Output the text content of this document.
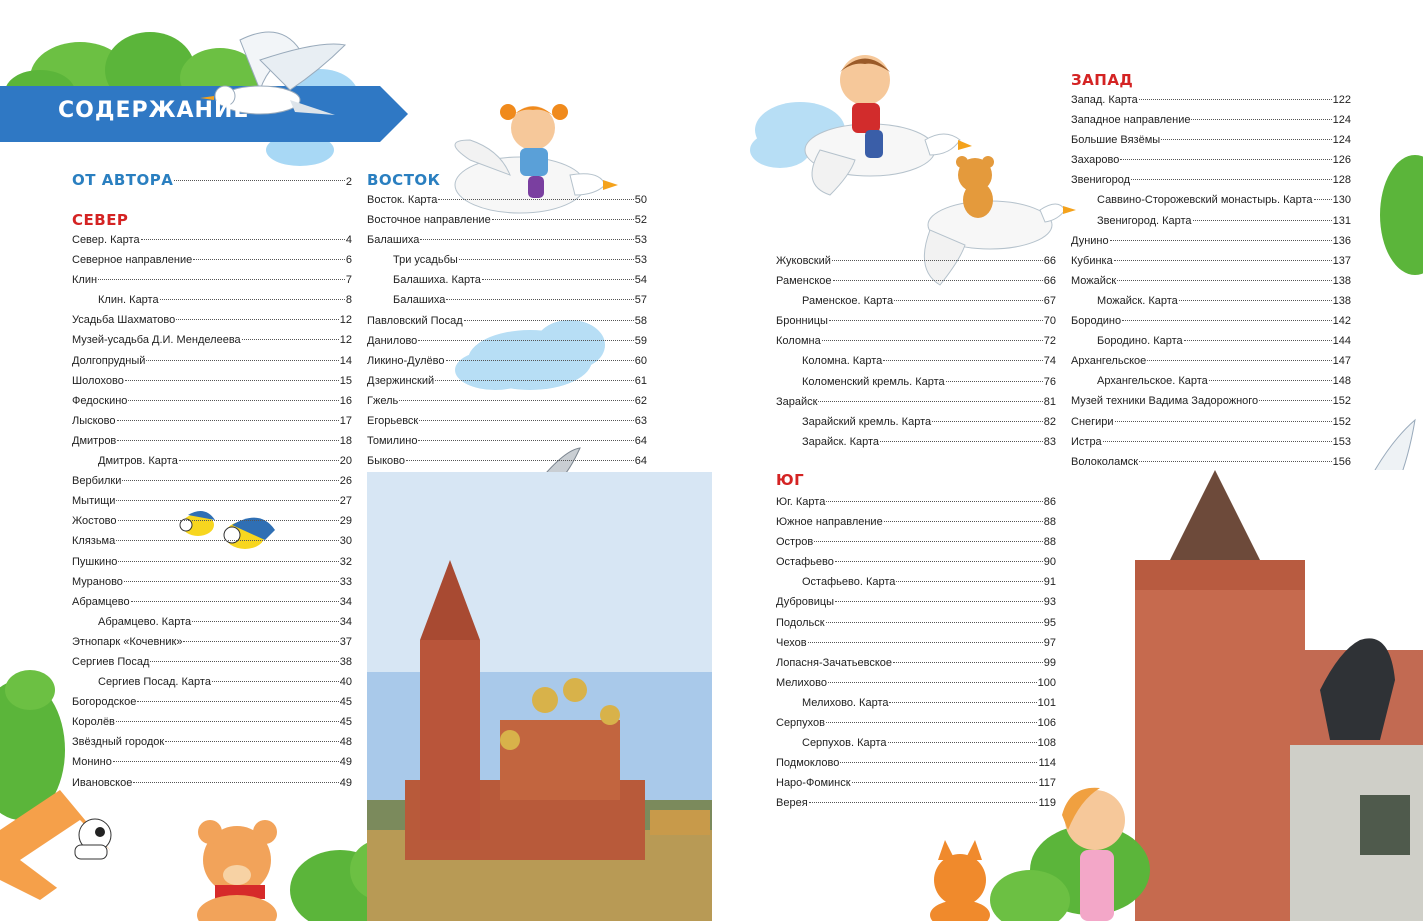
СОДЕРЖАНИЕ
ОТ АВТОРА	2
СЕВЕР
Север. Карта	4
Северное направление	6
Клин	7
Клин. Карта	8
Усадьба Шахматово	12
Музей-усадьба Д.И. Менделеева	12
Долгопрудный	14
Шолохово	15
Федоскино	16
Лысково	17
Дмитров	18
Дмитров. Карта	20
Вербилки	26
Мытищи	27
Жостово	29
Клязьма	30
Пушкино	32
Мураново	33
Абрамцево	34
Абрамцево. Карта	34
Этнопарк «Кочевник»	37
Сергиев Посад	38
Сергиев Посад. Карта	40
Богородское	45
Королёв	45
Звёздный городок	48
Монино	49
Ивановское	49
ВОСТОК
Восток. Карта	50
Восточное направление	52
Балашиха	53
Три усадьбы	53
Балашиха. Карта	54
Балашиха	57
Павловский Посад	58
Данилово	59
Ликино-Дулёво	60
Дзержинский	61
Гжель	62
Егорьевск	63
Томилино	64
Быково	64
Жуковский	66
Раменское	66
Раменское. Карта	67
Бронницы	70
Коломна	72
Коломна. Карта	74
Коломенский кремль. Карта	76
Зарайск	81
Зарайский кремль. Карта	82
Зарайск. Карта	83
ЮГ
Юг. Карта	86
Южное направление	88
Остров	88
Остафьево	90
Остафьево. Карта	91
Дубровицы	93
Подольск	95
Чехов	97
Лопасня-Зачатьевское	99
Мелихово	100
Мелихово. Карта	101
Серпухов	106
Серпухов. Карта	108
Подмоклово	114
Наро-Фоминск	117
Верея	119
ЗАПАД
Запад. Карта	122
Западное направление	124
Большие Вязёмы	124
Захарово	126
Звенигород	128
Саввино-Сторожевский монастырь. Карта 130
Звенигород. Карта	131
Дунино	136
Кубинка	137
Можайск	138
Можайск. Карта	138
Бородино	142
Бородино. Карта	144
Архангельское	147
Архангельское. Карта	148
Музей техники Вадима Задорожного	152
Снегири	152
Истра	153
Волоколамск	156
